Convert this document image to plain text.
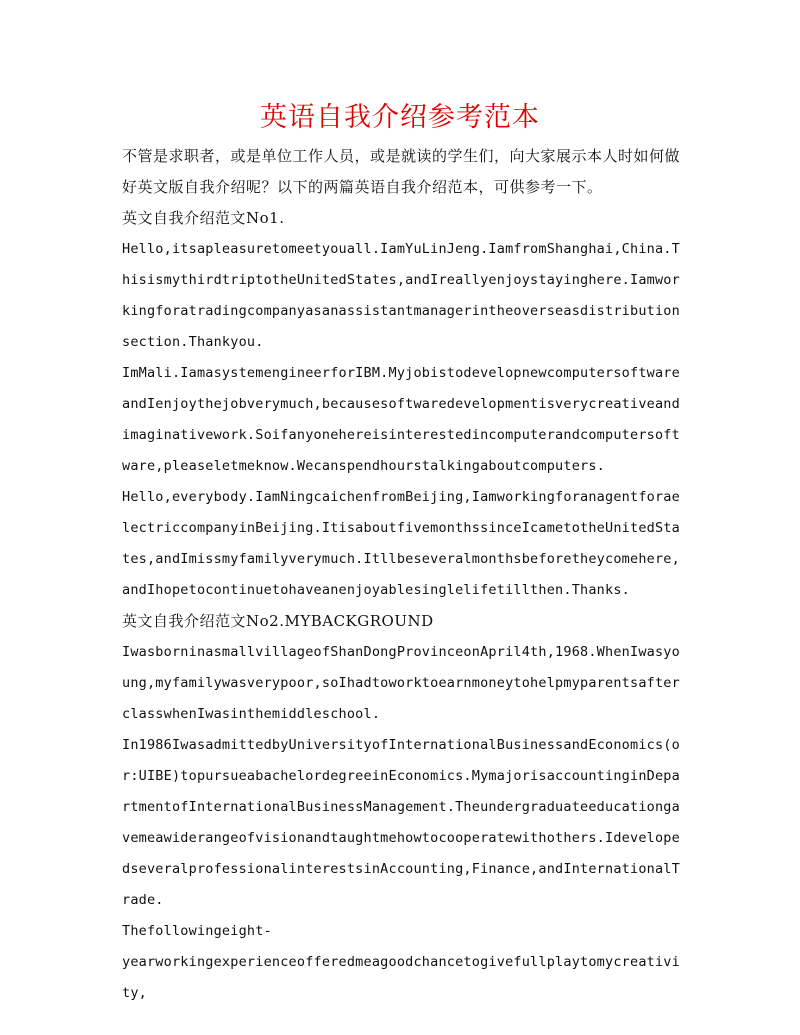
英语自我介绍参考范本

不管是求职者，或是单位工作人员，或是就读的学生们，向大家展示本人时如何做好英文版自我介绍呢？以下的两篇英语自我介绍范本，可供参考一下。

英文自我介绍范文No1.

Hello,itsapleasuretomeetyouall.IamYuLinJeng.IamfromShanghai,China.ThisismythirdtriptotheUnitedStates,andIreallyenjoystayinghere.Iamworkingforatradingcompanyasanassistantmanagerintheoverseasdistributionsection.Thankyou.

ImMali.IamasystemengineerforIBM.MyjobistodevelopnewcomputersoftwareandIenjoythejobverymuch,becausesoftwaredevelopmentisverycreativeandimaginativework.Soifanyonehereisinterestedincomputerandcomputersoftware,pleaseletmeknow.Wecanspendhourstalkingaboutcomputers.

Hello,everybody.IamNingcaichenfromBeijing,IamworkingforanagentforaelectriccompanyinBeijing.ItisaboutfivemonthssinceIcametotheUnitedStates,andImissmyfamilyverymuch.Itllbeseveralmonthsbeforetheycomehere,andIhopetocontinuetohaveanenjoyablesinglelifetillthen.Thanks.

英文自我介绍范文No2.MYBACKGROUND

IwasborninasmallvillageofShanDongProvinceonApril4th,1968.WhenIwasyoung,myfamilywasverypoor,soIhadtoworktoearnmoneytohelpmyparentsafterclasswhenIwasinthemiddleschool.

In1986IwasadmittedbyUniversityofInternationalBusinessandEconomics(or:UIBE)topursueabachelordegreeinEconomics.MymajorisaccountinginDepartmentofInternationalBusinessManagement.Theundergraduateeducationgavemeawiderangeofvisionandtaughtmehowtocooperatewithothers.IdevelopedseveralprofessionalinterestsinAccounting,Finance,andInternationalTrade.

Thefollowingeight-

yearworkingexperienceofferedmeagoodchancetogivefullplaytomycreativity,
